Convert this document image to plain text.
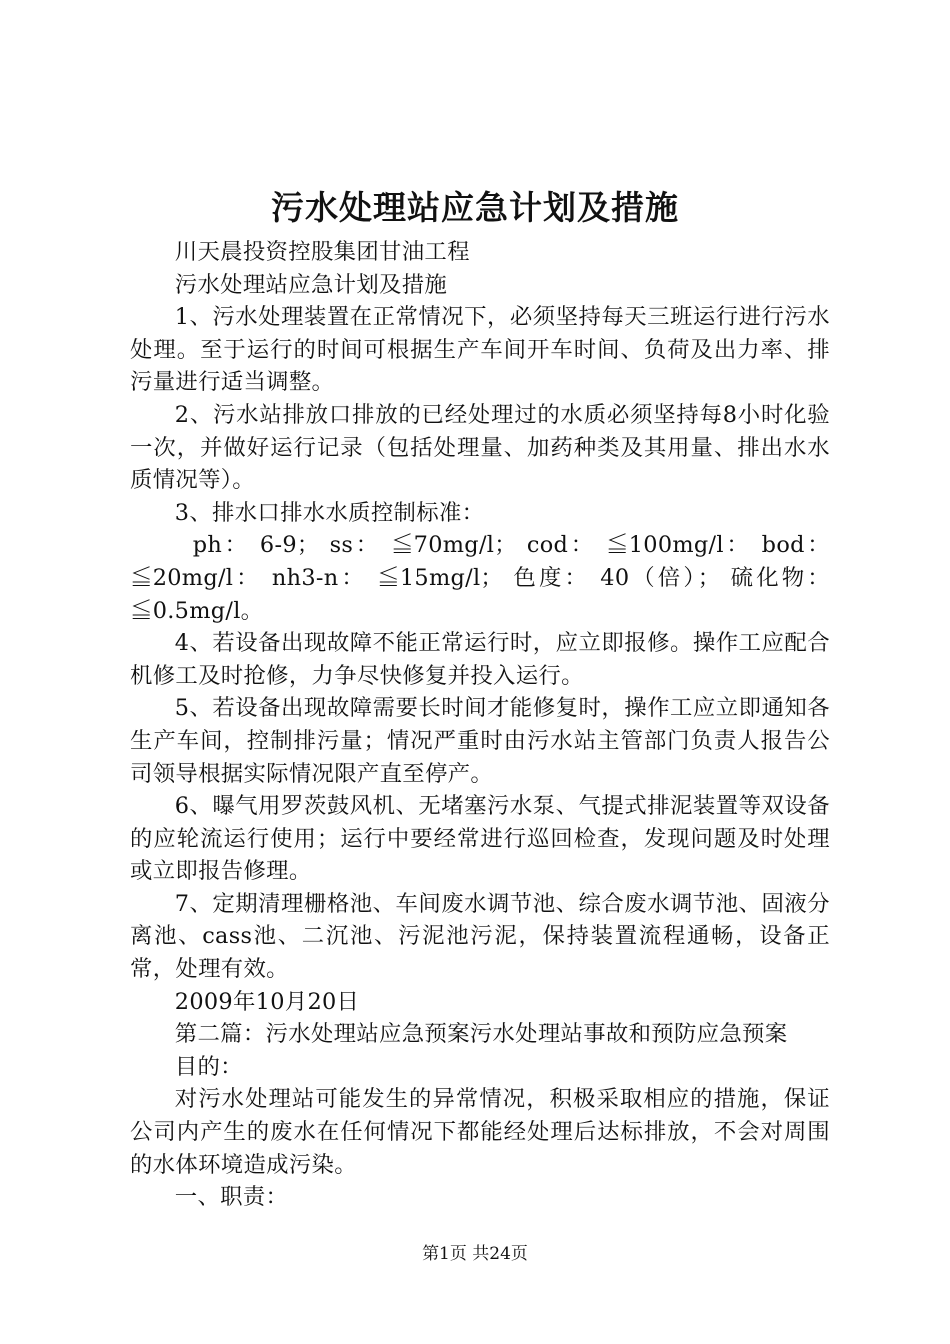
污水处理站应急计划及措施

川天晨投资控股集团甘油工程

污水处理站应急计划及措施

1、污水处理装置在正常情况下，必须坚持每天三班运行进行污水处理。至于运行的时间可根据生产车间开车时间、负荷及出力率、排污量进行适当调整。

2、污水站排放口排放的已经处理过的水质必须坚持每8小时化验一次，并做好运行记录（包括处理量、加药种类及其用量、排出水水质情况等）。

3、排水口排水水质控制标准：

ph： 6-9； ss： ≦70mg/l； cod： ≦100mg/l： bod： ≦20mg/l： nh3-n： ≦15mg/l； 色度： 40（倍）； 硫化物： ≦0.5mg/l。

4、若设备出现故障不能正常运行时，应立即报修。操作工应配合机修工及时抢修，力争尽快修复并投入运行。

5、若设备出现故障需要长时间才能修复时，操作工应立即通知各生产车间，控制排污量；情况严重时由污水站主管部门负责人报告公司领导根据实际情况限产直至停产。

6、曝气用罗茨鼓风机、无堵塞污水泵、气提式排泥装置等双设备的应轮流运行使用；运行中要经常进行巡回检查，发现问题及时处理或立即报告修理。

7、定期清理栅格池、车间废水调节池、综合废水调节池、固液分离池、cass池、二沉池、污泥池污泥，保持装置流程通畅，设备正常，处理有效。

2009年10月20日

第二篇：污水处理站应急预案污水处理站事故和预防应急预案

目的：

对污水处理站可能发生的异常情况，积极采取相应的措施，保证公司内产生的废水在任何情况下都能经处理后达标排放，不会对周围的水体环境造成污染。

一、职责：

第1页 共24页
